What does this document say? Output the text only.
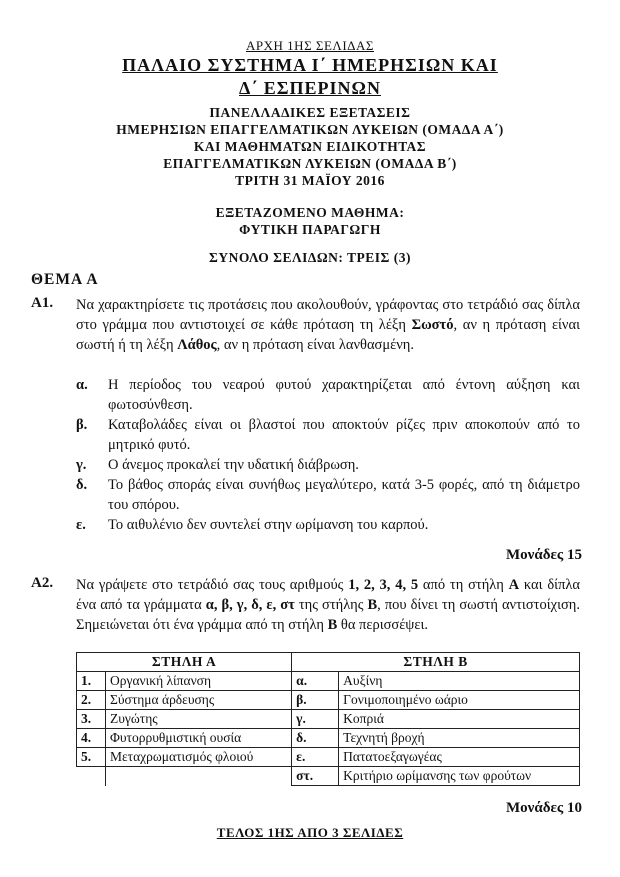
ΑΡΧΗ 1ΗΣ ΣΕΛΙΔΑΣ
ΠΑΛΑΙΟ ΣΥΣΤΗΜΑ Ι΄ ΗΜΕΡΗΣΙΩΝ ΚΑΙ
Δ΄ ΕΣΠΕΡΙΝΩΝ
ΠΑΝΕΛΛΑΔΙΚΕΣ ΕΞΕΤΑΣΕΙΣ
ΗΜΕΡΗΣΙΩΝ ΕΠΑΓΓΕΛΜΑΤΙΚΩΝ ΛΥΚΕΙΩΝ (ΟΜΑΔΑ Α΄)
ΚΑΙ ΜΑΘΗΜΑΤΩΝ ΕΙΔΙΚΟΤΗΤΑΣ
ΕΠΑΓΓΕΛΜΑΤΙΚΩΝ ΛΥΚΕΙΩΝ (ΟΜΑΔΑ Β΄)
ΤΡΙΤΗ 31 ΜΑΪΟΥ 2016
ΕΞΕΤΑΖΟΜΕΝΟ ΜΑΘΗΜΑ:
ΦΥΤΙΚΗ ΠΑΡΑΓΩΓΗ
ΣΥΝΟΛΟ ΣΕΛΙΔΩΝ: ΤΡΕΙΣ (3)
ΘΕΜΑ Α
Α1. Να χαρακτηρίσετε τις προτάσεις που ακολουθούν, γράφοντας στο τετράδιό σας δίπλα στο γράμμα που αντιστοιχεί σε κάθε πρόταση τη λέξη Σωστό, αν η πρόταση είναι σωστή ή τη λέξη Λάθος, αν η πρόταση είναι λανθασμένη.
α. Η περίοδος του νεαρού φυτού χαρακτηρίζεται από έντονη αύξηση και φωτοσύνθεση.
β. Καταβολάδες είναι οι βλαστοί που αποκτούν ρίζες πριν αποκοπούν από το μητρικό φυτό.
γ. Ο άνεμος προκαλεί την υδατική διάβρωση.
δ. Το βάθος σποράς είναι συνήθως μεγαλύτερο, κατά 3-5 φορές, από τη διάμετρο του σπόρου.
ε. Το αιθυλένιο δεν συντελεί στην ωρίμανση του καρπού.
Μονάδες 15
Α2. Να γράψετε στο τετράδιό σας τους αριθμούς 1, 2, 3, 4, 5 από τη στήλη Α και δίπλα ένα από τα γράμματα α, β, γ, δ, ε, στ της στήλης Β, που δίνει τη σωστή αντιστοίχιση. Σημειώνεται ότι ένα γράμμα από τη στήλη Β θα περισσέψει.
ΣΤΗΛΗ Α		ΣΤΗΛΗ Β	
1.	Οργανική λίπανση	α.	Αυξίνη
2.	Σύστημα άρδευσης	β.	Γονιμοποιημένο ωάριο
3.	Ζυγώτης	γ.	Κοπριά
4.	Φυτορρυθμιστική ουσία	δ.	Τεχνητή βροχή
5.	Μεταχρωματισμός φλοιού	ε.	Πατατοεξαγωγέας
		στ.	Κριτήριο ωρίμανσης των φρούτων
Μονάδες 10
ΤΕΛΟΣ 1ΗΣ ΑΠΟ 3 ΣΕΛΙΔΕΣ
